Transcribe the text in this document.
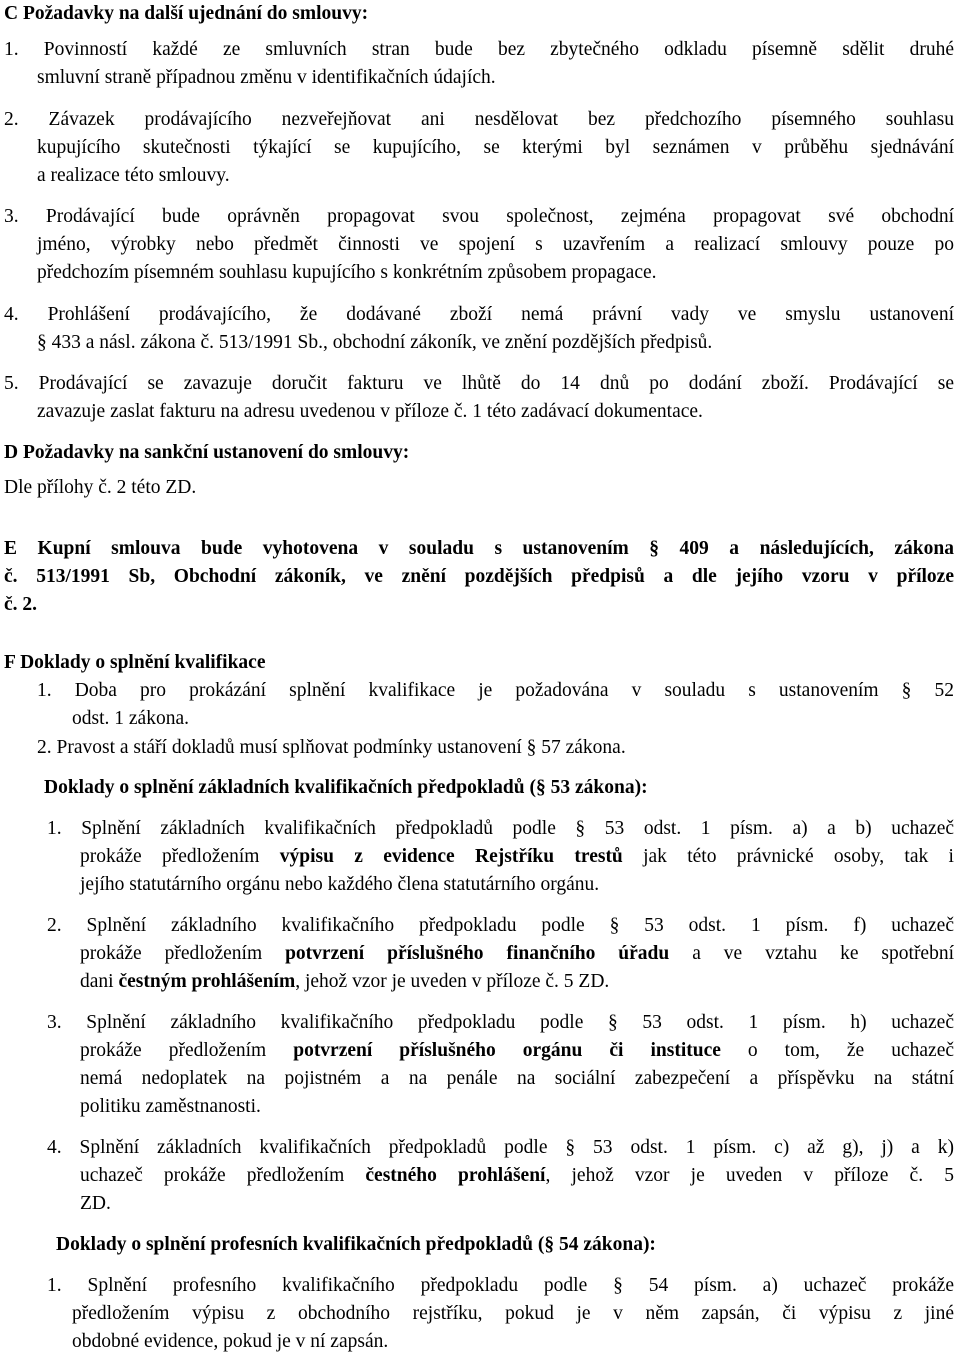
C Požadavky na další ujednání do smlouvy:
1. Povinností každé ze smluvních stran bude bez zbytečného odkladu písemně sdělit druhé
smluvní straně případnou změnu v identifikačních údajích.
2. Závazek prodávajícího nezveřejňovat ani nesdělovat bez předchozího písemného souhlasu
kupujícího skutečnosti týkající se kupujícího, se kterými byl seznámen v průběhu sjednávání
a realizace této smlouvy.
3. Prodávající bude oprávněn propagovat svou společnost, zejména propagovat své obchodní
jméno, výrobky nebo předmět činnosti ve spojení s uzavřením a realizací smlouvy pouze po
předchozím písemném souhlasu kupujícího s konkrétním způsobem propagace.
4. Prohlášení prodávajícího, že dodávané zboží nemá právní vady ve smyslu ustanovení
§ 433 a násl. zákona č. 513/1991 Sb., obchodní zákoník, ve znění pozdějších předpisů.
5. Prodávající se zavazuje doručit fakturu ve lhůtě do 14 dnů po dodání zboží. Prodávající se
zavazuje zaslat fakturu na adresu uvedenou v příloze č. 1 této zadávací dokumentace.
D Požadavky na sankční ustanovení do smlouvy:
Dle přílohy č. 2 této ZD.
E Kupní smlouva bude vyhotovena v souladu s ustanovením § 409 a následujících, zákona
č. 513/1991 Sb, Obchodní zákoník, ve znění pozdějších předpisů a dle jejího vzoru v příloze
č. 2.
F Doklady o splnění kvalifikace
1. Doba pro prokázání splnění kvalifikace je požadována v souladu s ustanovením § 52
odst. 1 zákona.
2. Pravost a stáří dokladů musí splňovat podmínky ustanovení § 57 zákona.
Doklady o splnění základních kvalifikačních předpokladů (§ 53 zákona):
1. Splnění základních kvalifikačních předpokladů podle § 53 odst. 1 písm. a) a b) uchazeč
prokáže předložením výpisu z evidence Rejstříku trestů jak této právnické osoby, tak i
jejího statutárního orgánu nebo každého člena statutárního orgánu.
2. Splnění základního kvalifikačního předpokladu podle § 53 odst. 1 písm. f) uchazeč
prokáže předložením potvrzení příslušného finančního úřadu a ve vztahu ke spotřební
dani čestným prohlášením, jehož vzor je uveden v příloze č. 5 ZD.
3. Splnění základního kvalifikačního předpokladu podle § 53 odst. 1 písm. h) uchazeč
prokáže předložením potvrzení příslušného orgánu či instituce o tom, že uchazeč
nemá nedoplatek na pojistném a na penále na sociální zabezpečení a příspěvku na státní
politiku zaměstnanosti.
4. Splnění základních kvalifikačních předpokladů podle § 53 odst. 1 písm. c) až g), j) a k)
uchazeč prokáže předložením čestného prohlášení, jehož vzor je uveden v příloze č. 5
ZD.
Doklady o splnění profesních kvalifikačních předpokladů (§ 54 zákona):
1. Splnění profesního kvalifikačního předpokladu podle § 54 písm. a) uchazeč prokáže
předložením výpisu z obchodního rejstříku, pokud je v něm zapsán, či výpisu z jiné
obdobné evidence, pokud je v ní zapsán.
